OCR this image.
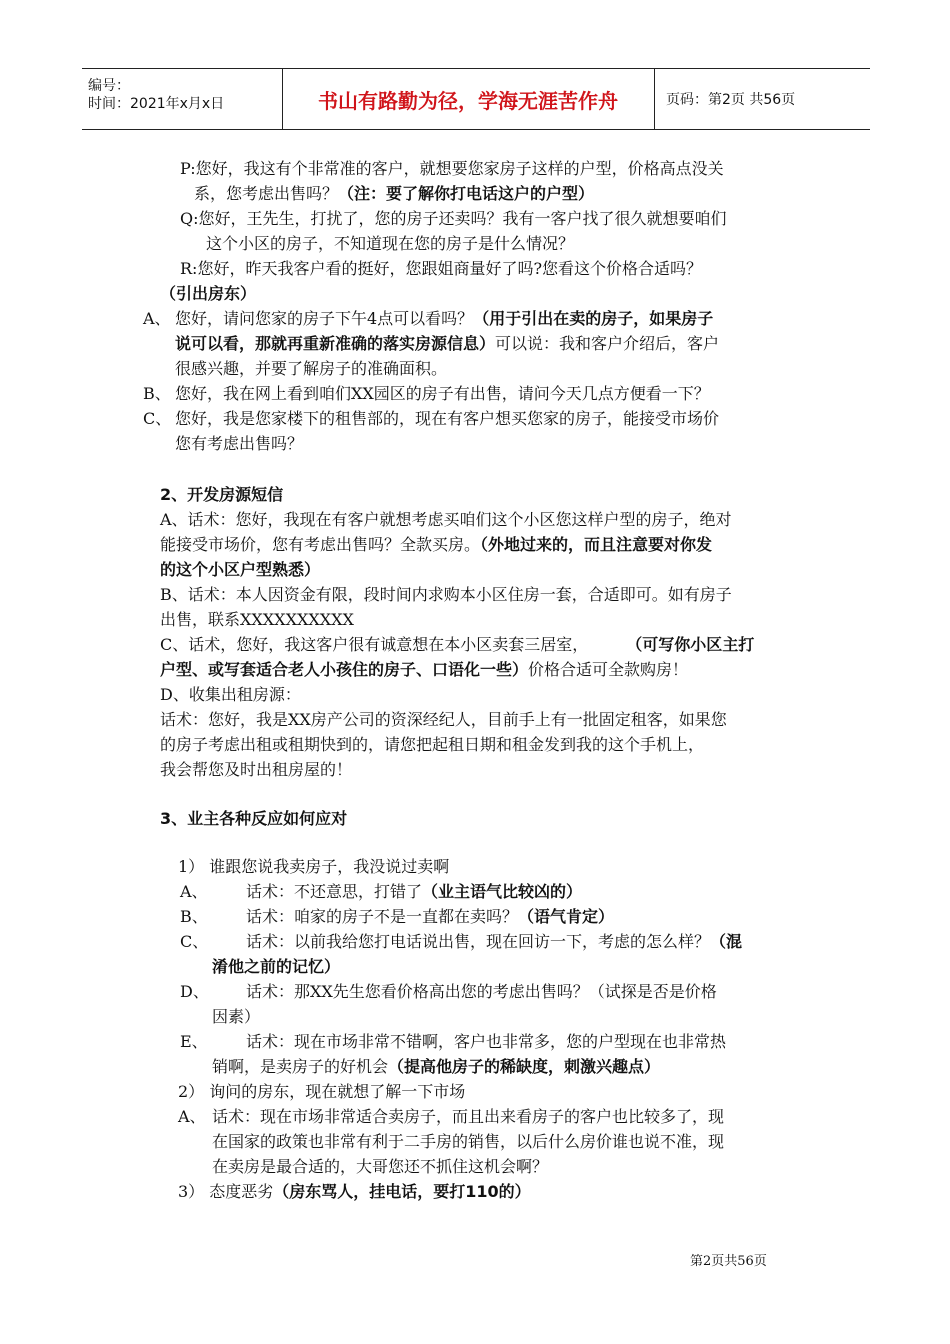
编号：
时间：2021年x月x日	书山有路勤为径，学海无涯苦作舟	页码：第2页 共56页
P:您好，我这有个非常准的客户，就想要您家房子这样的户型，价格高点没关
系，您考虑出售吗？（注：要了解你打电话这户的户型）
Q:您好，王先生，打扰了，您的房子还卖吗？我有一客户找了很久就想要咱们
这个小区的房子，不知道现在您的房子是什么情况？
R:您好，昨天我客户看的挺好，您跟姐商量好了吗?您看这个价格合适吗？
（引出房东）
A、 您好，请问您家的房子下午4点可以看吗？（用于引出在卖的房子，如果房子
说可以看，那就再重新准确的落实房源信息）可以说：我和客户介绍后，客户
很感兴趣，并要了解房子的准确面积。
B、 您好，我在网上看到咱们XX园区的房子有出售，请问今天几点方便看一下？
C、 您好，我是您家楼下的租售部的，现在有客户想买您家的房子，能接受市场价
您有考虑出售吗？
2、开发房源短信
A、话术：您好，我现在有客户就想考虑买咱们这个小区您这样户型的房子，绝对
能接受市场价，您有考虑出售吗？全款买房。（外地过来的，而且注意要对你发
的这个小区户型熟悉）
B、话术：本人因资金有限，段时间内求购本小区住房一套，合适即可。如有房子
出售，联系XXXXXXXXXX
C、话术，您好，我这客户很有诚意想在本小区卖套三居室， （可写你小区主打
户型、或写套适合老人小孩住的房子、口语化一些）价格合适可全款购房！
D、收集出租房源：
话术：您好，我是XX房产公司的资深经纪人，目前手上有一批固定租客，如果您
的房子考虑出租或租期快到的，请您把起租日期和租金发到我的这个手机上，
我会帮您及时出租房屋的！
3、业主各种反应如何应对
1） 谁跟您说我卖房子，我没说过卖啊
A、 话术：不还意思，打错了（业主语气比较凶的）
B、 话术：咱家的房子不是一直都在卖吗？（语气肯定）
C、 话术：以前我给您打电话说出售，现在回访一下，考虑的怎么样？（混
淆他之前的记忆）
D、 话术：那XX先生您看价格高出您的考虑出售吗？（试探是否是价格
因素）
E、 话术：现在市场非常不错啊，客户也非常多，您的户型现在也非常热
销啊，是卖房子的好机会（提高他房子的稀缺度，刺激兴趣点）
2） 询问的房东，现在就想了解一下市场
A、 话术：现在市场非常适合卖房子，而且出来看房子的客户也比较多了，现
在国家的政策也非常有利于二手房的销售，以后什么房价谁也说不准，现
在卖房是最合适的，大哥您还不抓住这机会啊？
3） 态度恶劣（房东骂人，挂电话，要打110的）
第2页共56页
